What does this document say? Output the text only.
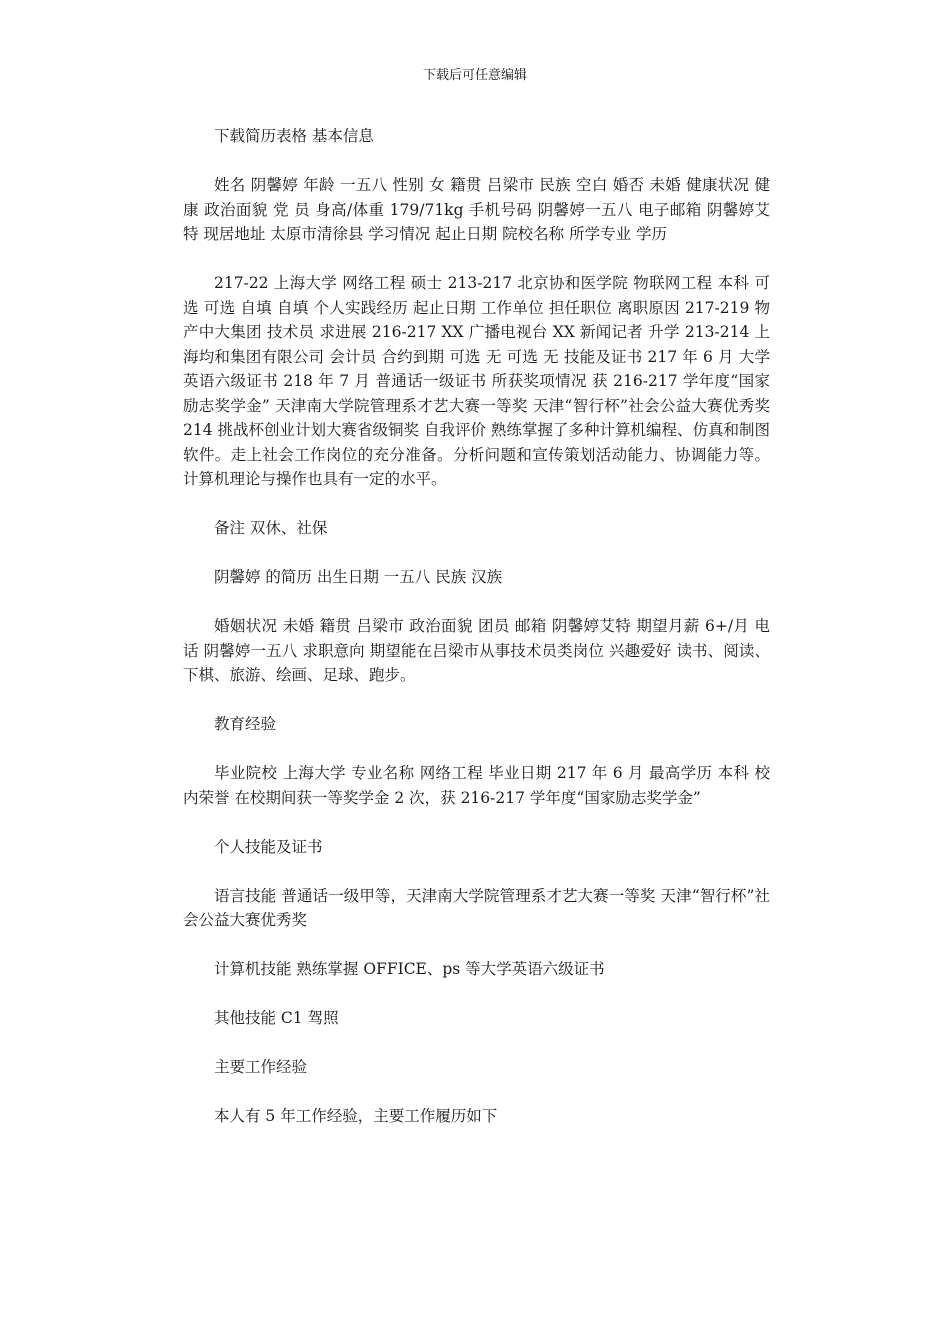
下载后可任意编辑

下载简历表格 基本信息

姓名 阴馨婷 年龄 一五八 性别 女 籍贯 吕梁市 民族 空白 婚否 未婚 健康状况 健康 政治面貌 党 员 身高/体重 179/71kg 手机号码 阴馨婷一五八 电子邮箱 阴馨婷艾特 现居地址 太原市清徐县 学习情况 起止日期 院校名称 所学专业 学历

217-22 上海大学 网络工程 硕士 213-217 北京协和医学院 物联网工程 本科 可选 可选 自填 自填 个人实践经历 起止日期 工作单位 担任职位 离职原因 217-219 物产中大集团 技术员 求进展 216-217 XX 广播电视台 XX 新闻记者 升学 213-214 上海均和集团有限公司 会计员 合约到期 可选 无 可选 无 技能及证书 217 年 6 月 大学英语六级证书 218 年 7 月 普通话一级证书 所获奖项情况 获 216-217 学年度“国家励志奖学金” 天津南大学院管理系才艺大赛一等奖 天津“智行杯”社会公益大赛优秀奖 214 挑战杯创业计划大赛省级铜奖 自我评价 熟练掌握了多种计算机编程、仿真和制图软件。走上社会工作岗位的充分准备。分析问题和宣传策划活动能力、协调能力等。计算机理论与操作也具有一定的水平。

备注 双休、社保

阴馨婷 的简历 出生日期 一五八 民族 汉族

婚姻状况 未婚 籍贯 吕梁市 政治面貌 团员 邮箱 阴馨婷艾特 期望月薪 6+/月 电话 阴馨婷一五八 求职意向 期望能在吕梁市从事技术员类岗位 兴趣爱好 读书、阅读、下棋、旅游、绘画、足球、跑步。

教育经验

毕业院校 上海大学 专业名称 网络工程 毕业日期 217 年 6 月 最高学历 本科 校内荣誉 在校期间获一等奖学金 2 次，获 216-217 学年度“国家励志奖学金”

个人技能及证书

语言技能 普通话一级甲等，天津南大学院管理系才艺大赛一等奖 天津“智行杯”社会公益大赛优秀奖

计算机技能 熟练掌握 OFFICE、ps 等大学英语六级证书

其他技能 C1 驾照

主要工作经验

本人有 5 年工作经验，主要工作履历如下
